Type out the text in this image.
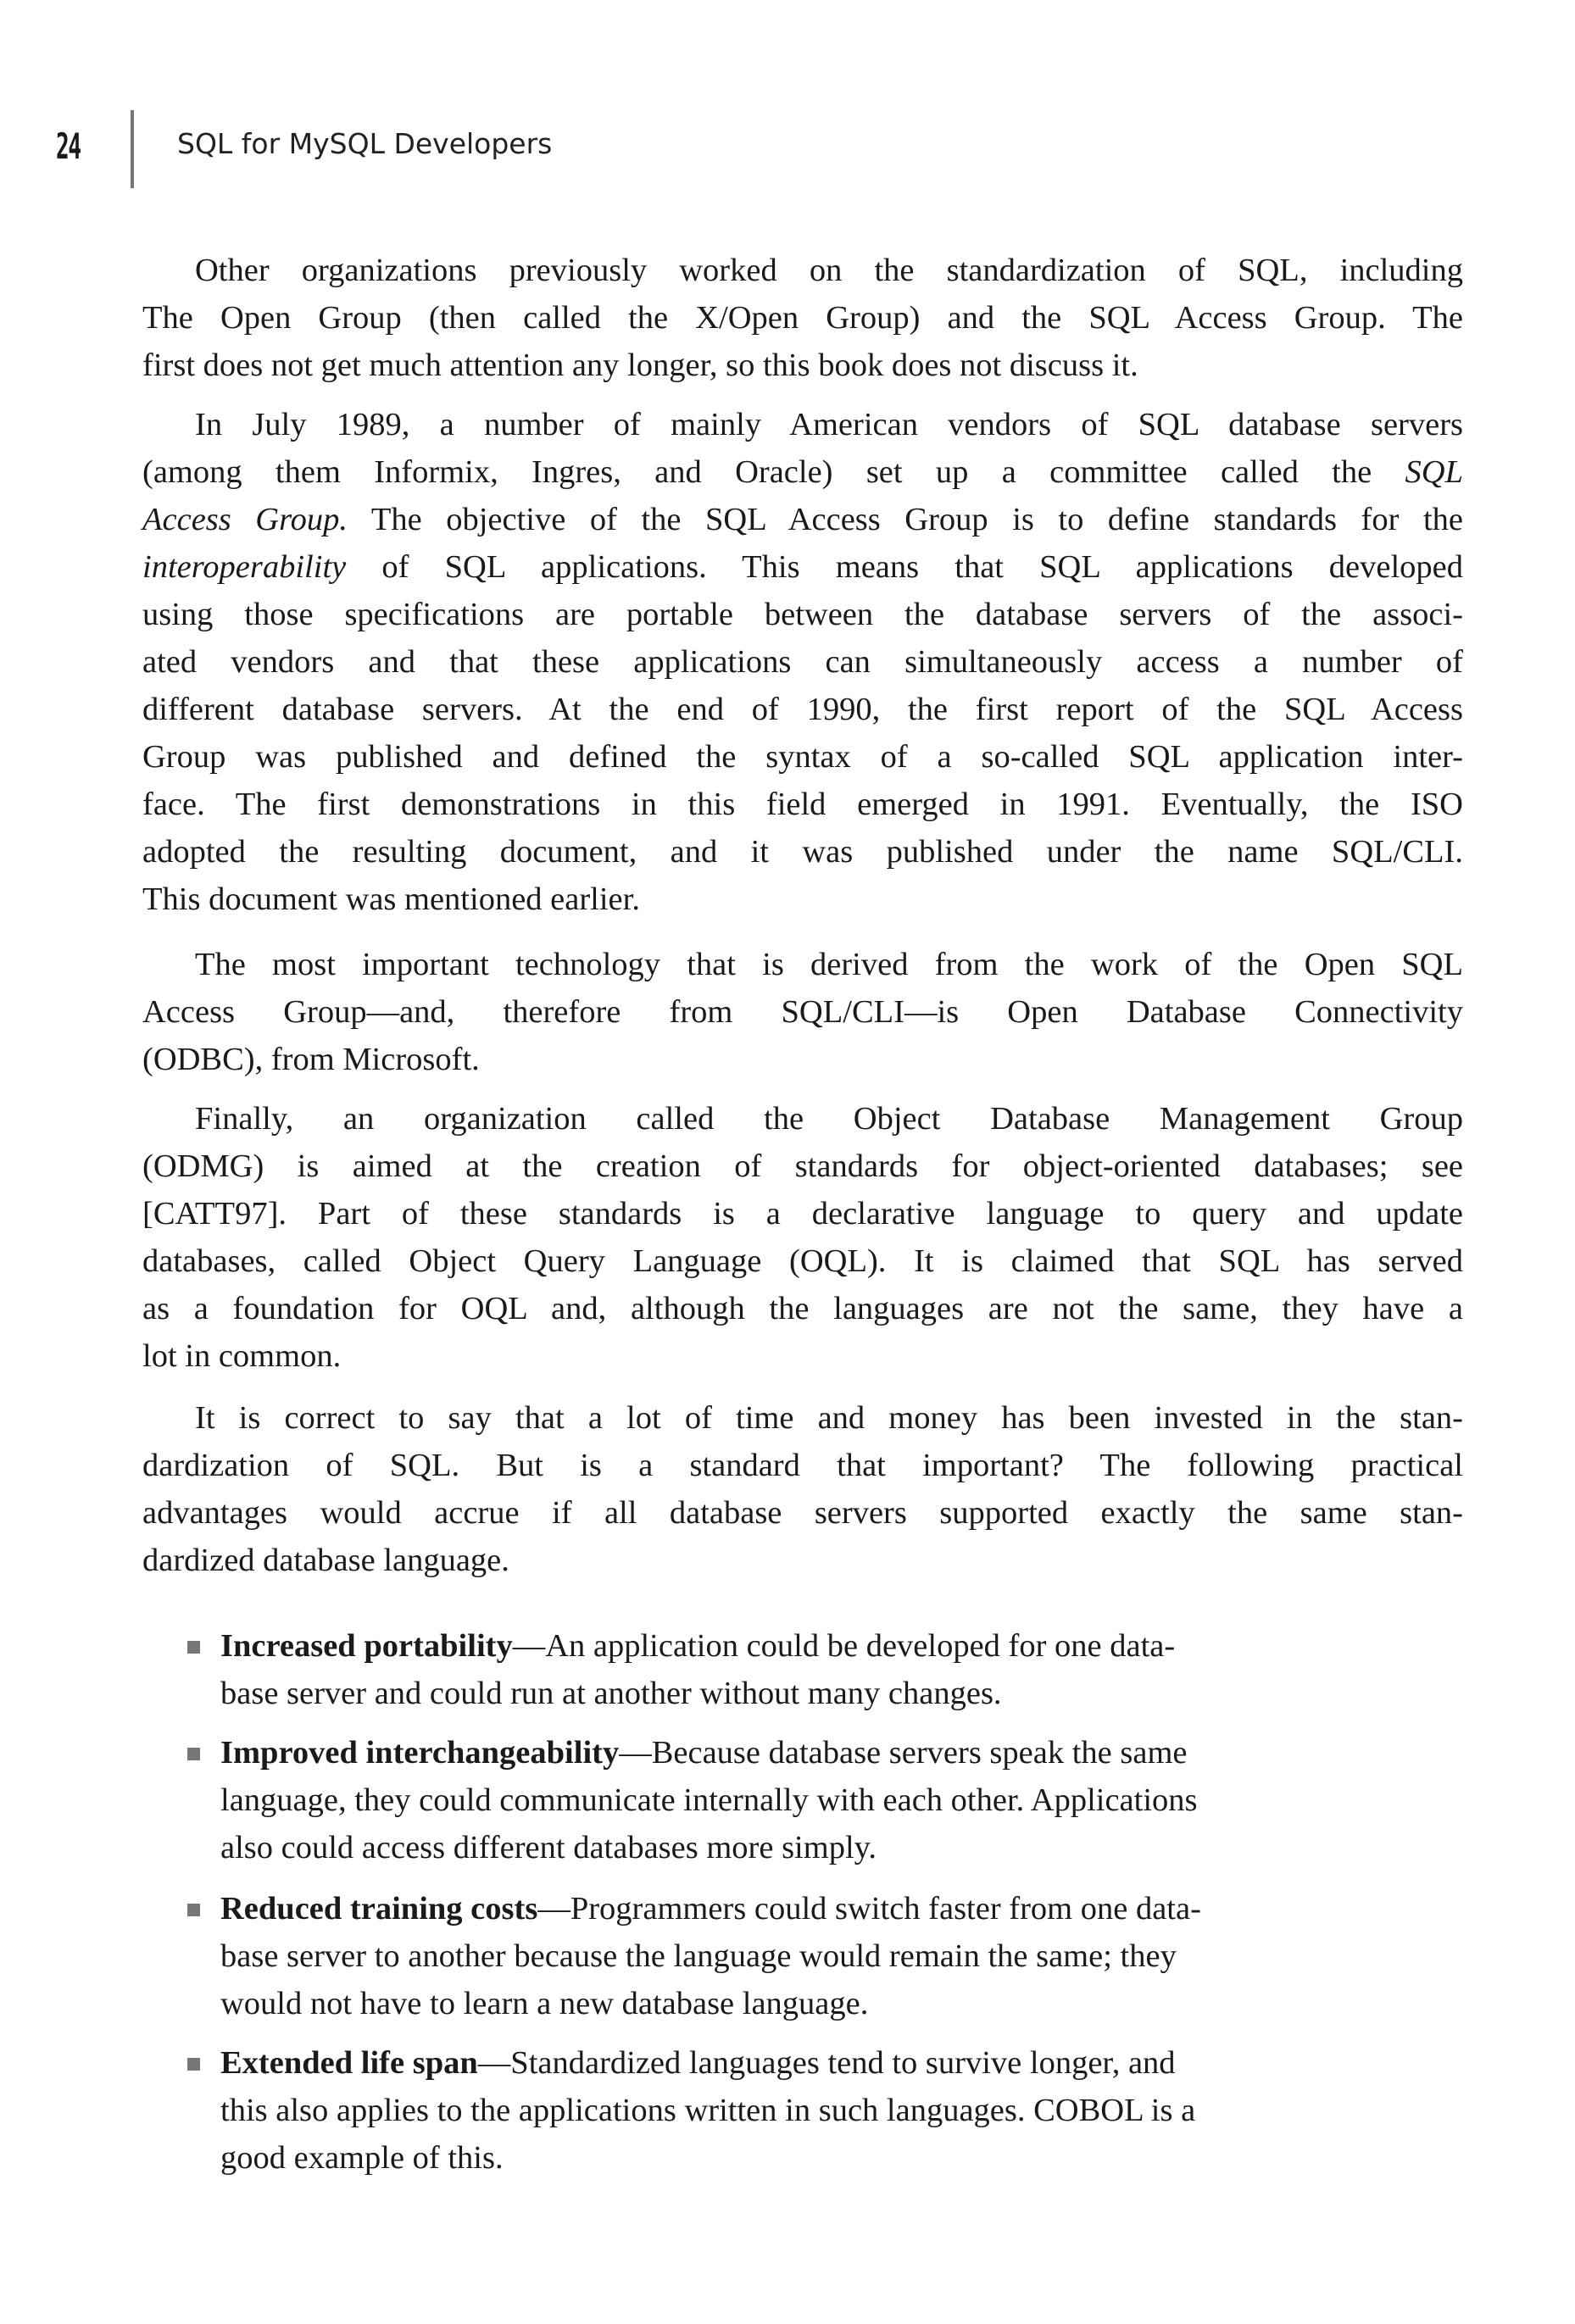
24	SQL for MySQL Developers
Other organizations previously worked on the standardization of SQL, including
The Open Group (then called the X/Open Group) and the SQL Access Group. The
first does not get much attention any longer, so this book does not discuss it.
In July 1989, a number of mainly American vendors of SQL database servers
(among them Informix, Ingres, and Oracle) set up a committee called the SQL
Access Group. The objective of the SQL Access Group is to define standards for the
interoperability of SQL applications. This means that SQL applications developed
using those specifications are portable between the database servers of the associ-
ated vendors and that these applications can simultaneously access a number of
different database servers. At the end of 1990, the first report of the SQL Access
Group was published and defined the syntax of a so-called SQL application inter-
face. The first demonstrations in this field emerged in 1991. Eventually, the ISO
adopted the resulting document, and it was published under the name SQL/CLI.
This document was mentioned earlier.
The most important technology that is derived from the work of the Open SQL
Access Group—and, therefore from SQL/CLI—is Open Database Connectivity
(ODBC), from Microsoft.
Finally, an organization called the Object Database Management Group
(ODMG) is aimed at the creation of standards for object-oriented databases; see
[CATT97]. Part of these standards is a declarative language to query and update
databases, called Object Query Language (OQL). It is claimed that SQL has served
as a foundation for OQL and, although the languages are not the same, they have a
lot in common.
It is correct to say that a lot of time and money has been invested in the stan-
dardization of SQL. But is a standard that important? The following practical
advantages would accrue if all database servers supported exactly the same stan-
dardized database language.
Increased portability—An application could be developed for one data-
base server and could run at another without many changes.
Improved interchangeability—Because database servers speak the same
language, they could communicate internally with each other. Applications
also could access different databases more simply.
Reduced training costs—Programmers could switch faster from one data-
base server to another because the language would remain the same; they
would not have to learn a new database language.
Extended life span—Standardized languages tend to survive longer, and
this also applies to the applications written in such languages. COBOL is a
good example of this.
